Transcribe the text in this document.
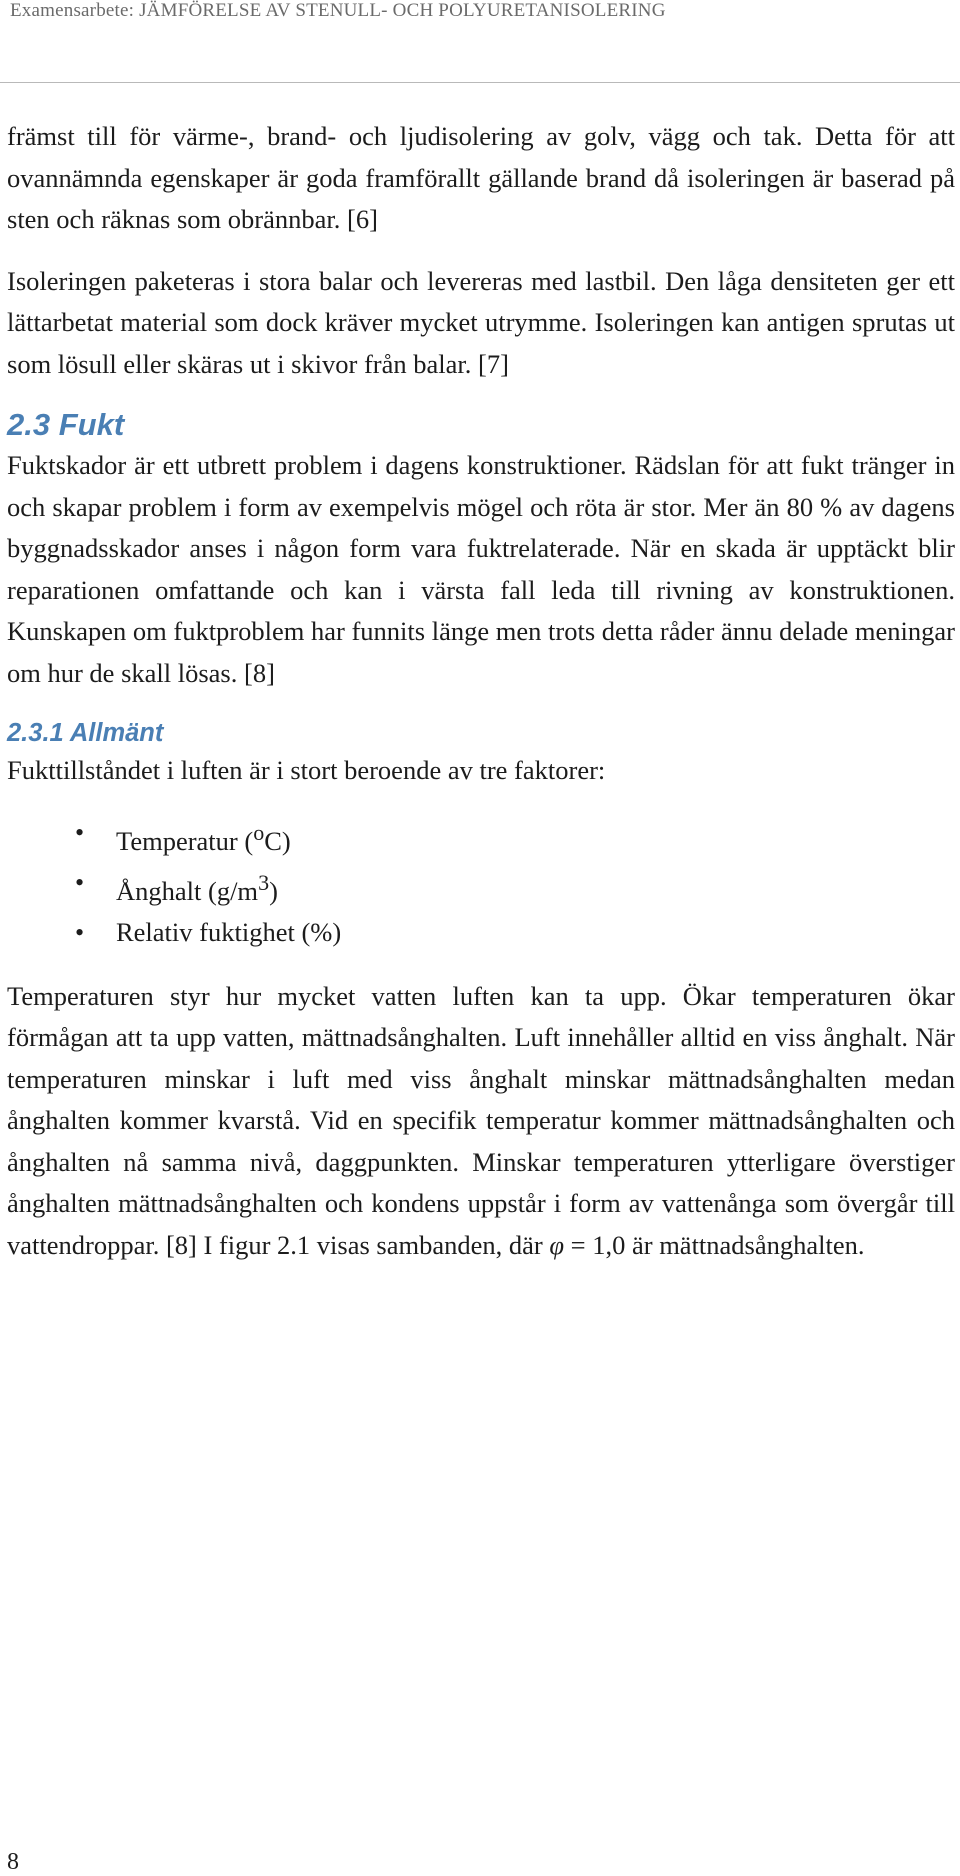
Examensarbete: JÄMFÖRELSE AV STENULL- OCH POLYURETANISOLERING

främst till för värme-, brand- och ljudisolering av golv, vägg och tak. Detta för att ovannämnda egenskaper är goda framförallt gällande brand då isoleringen är baserad på sten och räknas som obrännbar. [6]

Isoleringen paketeras i stora balar och levereras med lastbil. Den låga densiteten ger ett lättarbetat material som dock kräver mycket utrymme. Isoleringen kan antigen sprutas ut som lösull eller skäras ut i skivor från balar. [7]

2.3 Fukt

Fuktskador är ett utbrett problem i dagens konstruktioner. Rädslan för att fukt tränger in och skapar problem i form av exempelvis mögel och röta är stor. Mer än 80 % av dagens byggnadsskador anses i någon form vara fuktrelaterade. När en skada är upptäckt blir reparationen omfattande och kan i värsta fall leda till rivning av konstruktionen. Kunskapen om fuktproblem har funnits länge men trots detta råder ännu delade meningar om hur de skall lösas. [8]

2.3.1 Allmänt

Fukttillståndet i luften är i stort beroende av tre faktorer:

• Temperatur ($^o$C)
• Ånghalt $(g/m^3)$
• Relativ fuktighet (%)

Temperaturen styr hur mycket vatten luften kan ta upp. Ökar temperaturen ökar förmågan att ta upp vatten, mättnadsånghalten. Luft innehåller alltid en viss ånghalt. När temperaturen minskar i luft med viss ånghalt minskar mättnadsånghalten medan ånghalten kommer kvarstå. Vid en specifik temperatur kommer mättnadsånghalten och ånghalten nå samma nivå, daggpunkten. Minskar temperaturen ytterligare överstiger ånghalten mättnadsånghalten och kondens uppstår i form av vattenånga som övergår till vattendroppar. [8] I figur 2.1 visas sambanden, där φ = 1,0 är mättnadsånghalten.

8
